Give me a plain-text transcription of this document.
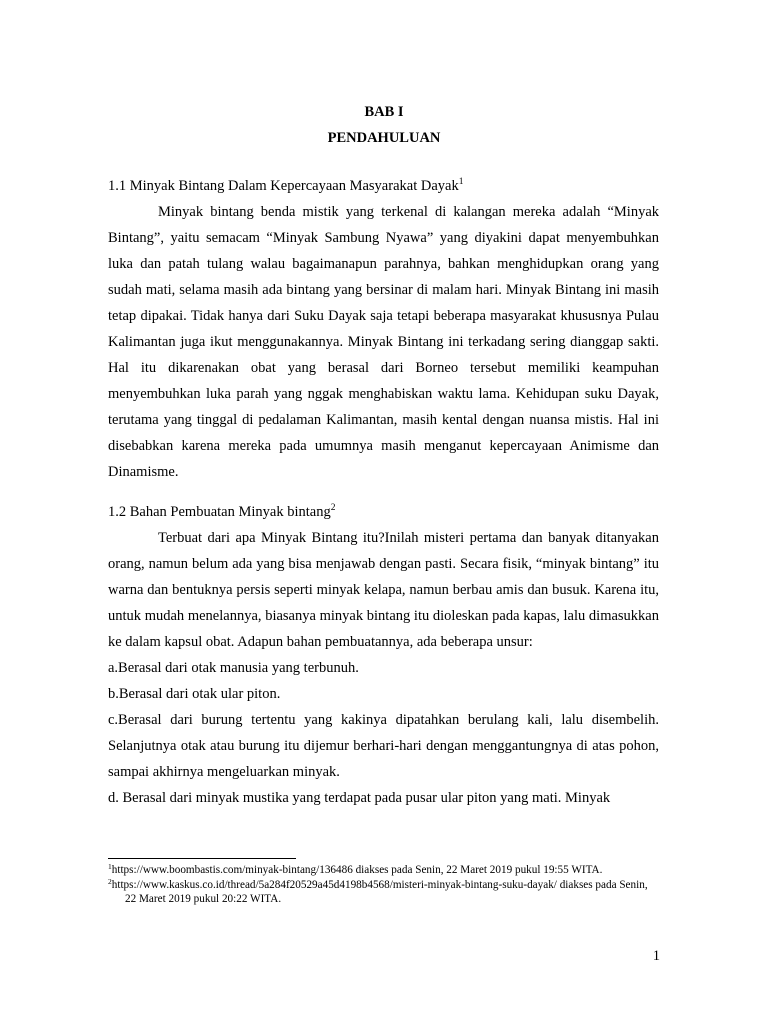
BAB I
PENDAHULUAN

1.1 Minyak Bintang Dalam Kepercayaan Masyarakat Dayak$^1$

Minyak bintang benda mistik yang terkenal di kalangan mereka adalah “Minyak Bintang”, yaitu semacam “Minyak Sambung Nyawa” yang diyakini dapat menyembuhkan luka dan patah tulang walau bagaimanapun parahnya, bahkan menghidupkan orang yang sudah mati, selama masih ada bintang yang bersinar di malam hari. Minyak Bintang ini masih tetap dipakai. Tidak hanya dari Suku Dayak saja tetapi beberapa masyarakat khususnya Pulau Kalimantan juga ikut menggunakannya. Minyak Bintang ini terkadang sering dianggap sakti. Hal itu dikarenakan obat yang berasal dari Borneo tersebut memiliki keampuhan menyembuhkan luka parah yang nggak menghabiskan waktu lama. Kehidupan suku Dayak, terutama yang tinggal di pedalaman Kalimantan, masih kental dengan nuansa mistis. Hal ini disebabkan karena mereka pada umumnya masih menganut kepercayaan Animisme dan Dinamisme.

1.2 Bahan Pembuatan Minyak bintang$^2$

Terbuat dari apa Minyak Bintang itu?Inilah misteri pertama dan banyak ditanyakan orang, namun belum ada yang bisa menjawab dengan pasti. Secara fisik, “minyak bintang” itu warna dan bentuknya persis seperti minyak kelapa, namun berbau amis dan busuk. Karena itu, untuk mudah menelannya, biasanya minyak bintang itu dioleskan pada kapas, lalu dimasukkan ke dalam kapsul obat. Adapun bahan pembuatannya, ada beberapa unsur:

a.Berasal dari otak manusia yang terbunuh.

b.Berasal dari otak ular piton.

c.Berasal dari burung tertentu yang kakinya dipatahkan berulang kali, lalu disembelih. Selanjutnya otak atau burung itu dijemur berhari-hari dengan menggantungnya di atas pohon, sampai akhirnya mengeluarkan minyak.

d. Berasal dari minyak mustika yang terdapat pada pusar ular piton yang mati. Minyak

$^1$https://www.boombastis.com/minyak-bintang/136486 diakses pada Senin, 22 Maret 2019 pukul 19:55 WITA.

$^2$https://www.kaskus.co.id/thread/5a284f20529a45d4198b4568/misteri-minyak-bintang-suku-dayak/ diakses pada Senin, 22 Maret 2019 pukul 20:22 WITA.

1
